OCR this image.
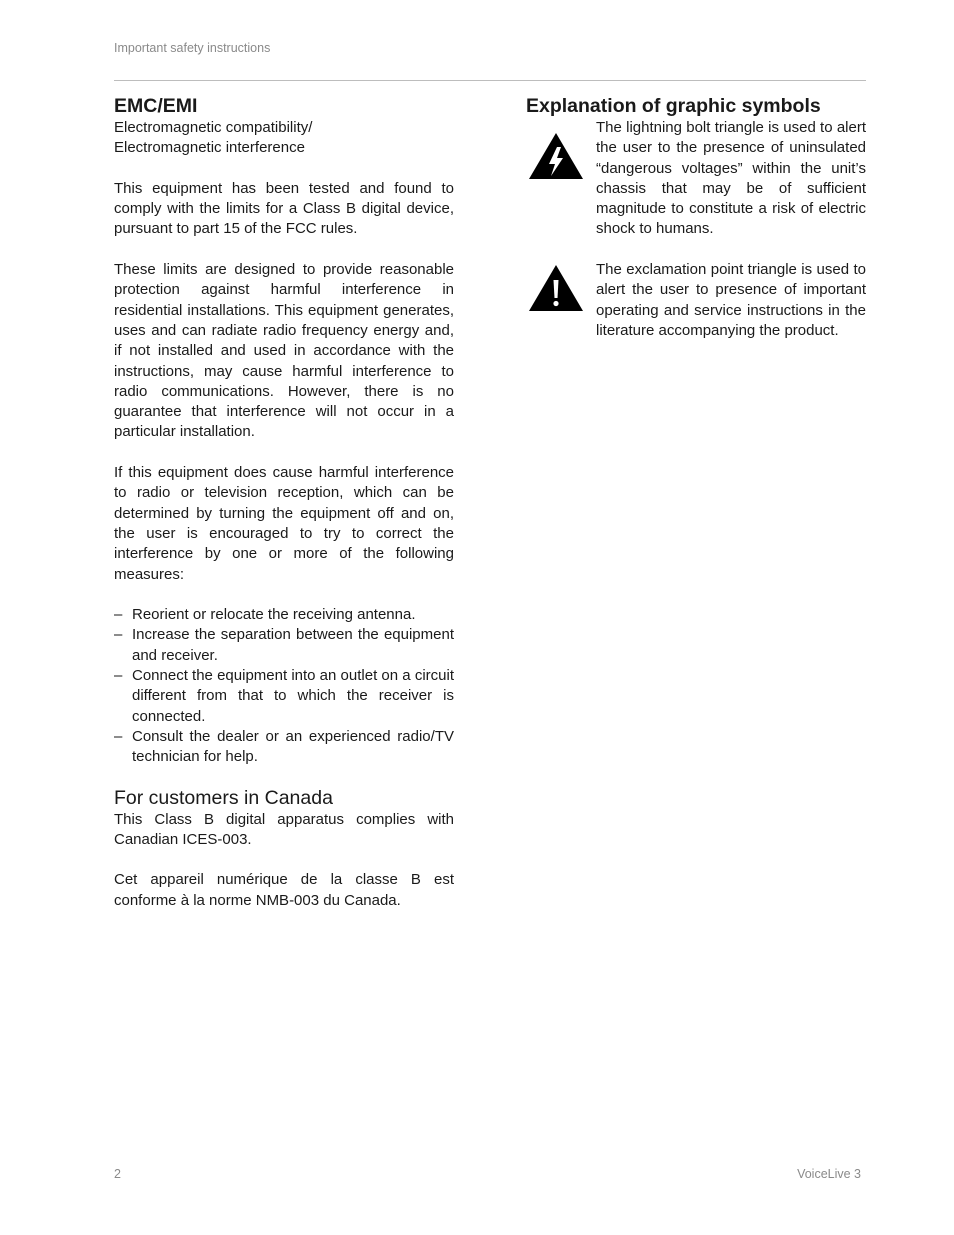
Important safety instructions
EMC/EMI

Electromagnetic compatibility/
Electromagnetic interference

This equipment has been tested and found to comply with the limits for a Class B digital device, pursuant to part 15 of the FCC rules.

These limits are designed to provide reasonable protection against harmful interference in residential installations. This equipment generates, uses and can radiate radio frequency energy and, if not installed and used in accordance with the instructions, may cause harmful interference to radio communications. However, there is no guarantee that interference will not occur in a particular installation.

If this equipment does cause harmful interference to radio or television reception, which can be determined by turning the equipment off and on, the user is encouraged to try to correct the interference by one or more of the following measures:

– Reorient or relocate the receiving antenna.
– Increase the separation between the equipment and receiver.
– Connect the equipment into an outlet on a circuit different from that to which the receiver is connected.
– Consult the dealer or an experienced radio/TV technician for help.
For customers in Canada

This Class B digital apparatus complies with Canadian ICES-003.

Cet appareil numérique de la classe B est conforme à la norme NMB-003 du Canada.

Explanation of graphic symbols

The lightning bolt triangle is used to alert the user to the presence of uninsulated “dangerous voltages” within the unit’s chassis that may be of sufficient magnitude to constitute a risk of electric shock to humans.

The exclamation point triangle is used to alert the user to presence of important operating and service instructions in the literature accompanying the product.

2	VoiceLive 3
